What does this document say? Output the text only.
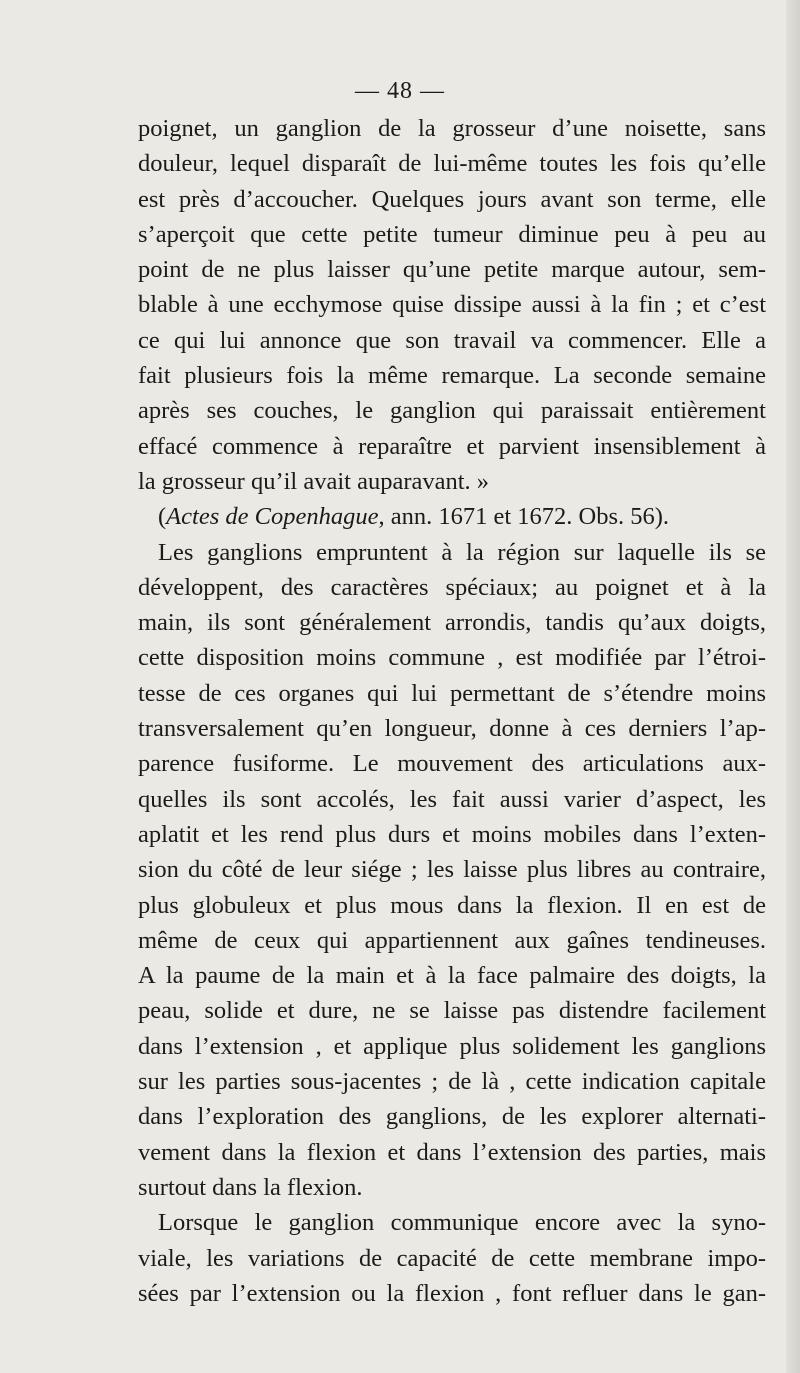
— 48 —
poignet, un ganglion de la grosseur d’une noisette, sans
douleur, lequel disparaît de lui-même toutes les fois qu’elle
est près d’accoucher. Quelques jours avant son terme, elle
s’aperçoit que cette petite tumeur diminue peu à peu au
point de ne plus laisser qu’une petite marque autour, sem-
blable à une ecchymose quise dissipe aussi à la fin ; et c’est
ce qui lui annonce que son travail va commencer. Elle a
fait plusieurs fois la même remarque. La seconde semaine
après ses couches, le ganglion qui paraissait entièrement
effacé commence à reparaître et parvient insensiblement à
la grosseur qu’il avait auparavant. »
(Actes de Copenhague, ann. 1671 et 1672. Obs. 56).
Les ganglions empruntent à la région sur laquelle ils se
développent, des caractères spéciaux; au poignet et à la
main, ils sont généralement arrondis, tandis qu’aux doigts,
cette disposition moins commune , est modifiée par l’étroi-
tesse de ces organes qui lui permettant de s’étendre moins
transversalement qu’en longueur, donne à ces derniers l’ap-
parence fusiforme. Le mouvement des articulations aux-
quelles ils sont accolés, les fait aussi varier d’aspect, les
aplatit et les rend plus durs et moins mobiles dans l’exten-
sion du côté de leur siége ; les laisse plus libres au contraire,
plus globuleux et plus mous dans la flexion. Il en est de
même de ceux qui appartiennent aux gaînes tendineuses.
A la paume de la main et à la face palmaire des doigts, la
peau, solide et dure, ne se laisse pas distendre facilement
dans l’extension , et applique plus solidement les ganglions
sur les parties sous-jacentes ; de là , cette indication capitale
dans l’exploration des ganglions, de les explorer alternati-
vement dans la flexion et dans l’extension des parties, mais
surtout dans la flexion.
Lorsque le ganglion communique encore avec la syno-
viale, les variations de capacité de cette membrane impo-
sées par l’extension ou la flexion , font refluer dans le gan-
